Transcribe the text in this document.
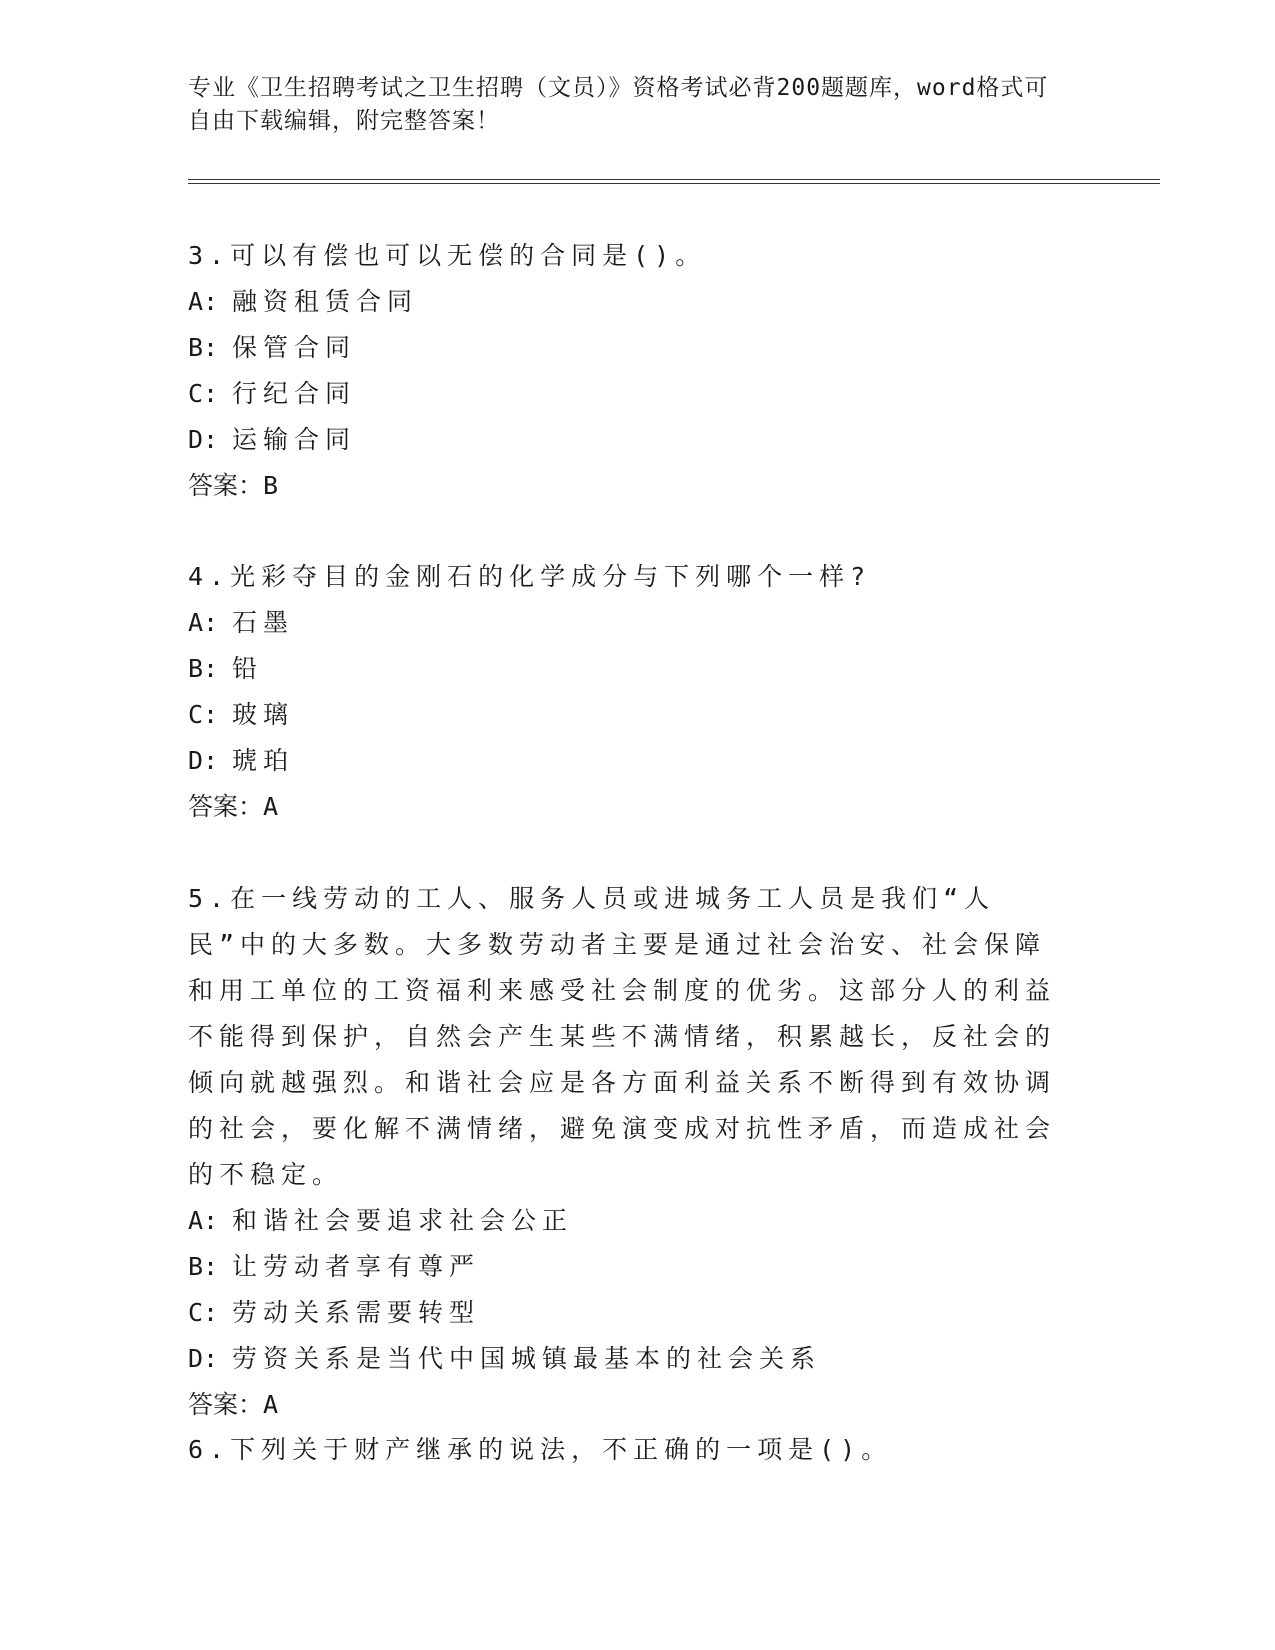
专业《卫生招聘考试之卫生招聘（文员）》资格考试必背200题题库，word格式可自由下载编辑，附完整答案！

3.可以有偿也可以无偿的合同是()。

A: 融资租赁合同

B: 保管合同

C: 行纪合同

D: 运输合同

答案：B

4.光彩夺目的金刚石的化学成分与下列哪个一样?

A: 石墨

B: 铅

C: 玻璃

D: 琥珀

答案：A

5.在一线劳动的工人、服务人员或进城务工人员是我们“人民”中的大多数。大多数劳动者主要是通过社会治安、社会保障和用工单位的工资福利来感受社会制度的优劣。这部分人的利益不能得到保护，自然会产生某些不满情绪，积累越长，反社会的倾向就越强烈。和谐社会应是各方面利益关系不断得到有效协调的社会，要化解不满情绪，避免演变成对抗性矛盾，而造成社会的不稳定。

A: 和谐社会要追求社会公正

B: 让劳动者享有尊严

C: 劳动关系需要转型

D: 劳资关系是当代中国城镇最基本的社会关系

答案：A

6.下列关于财产继承的说法，不正确的一项是()。
